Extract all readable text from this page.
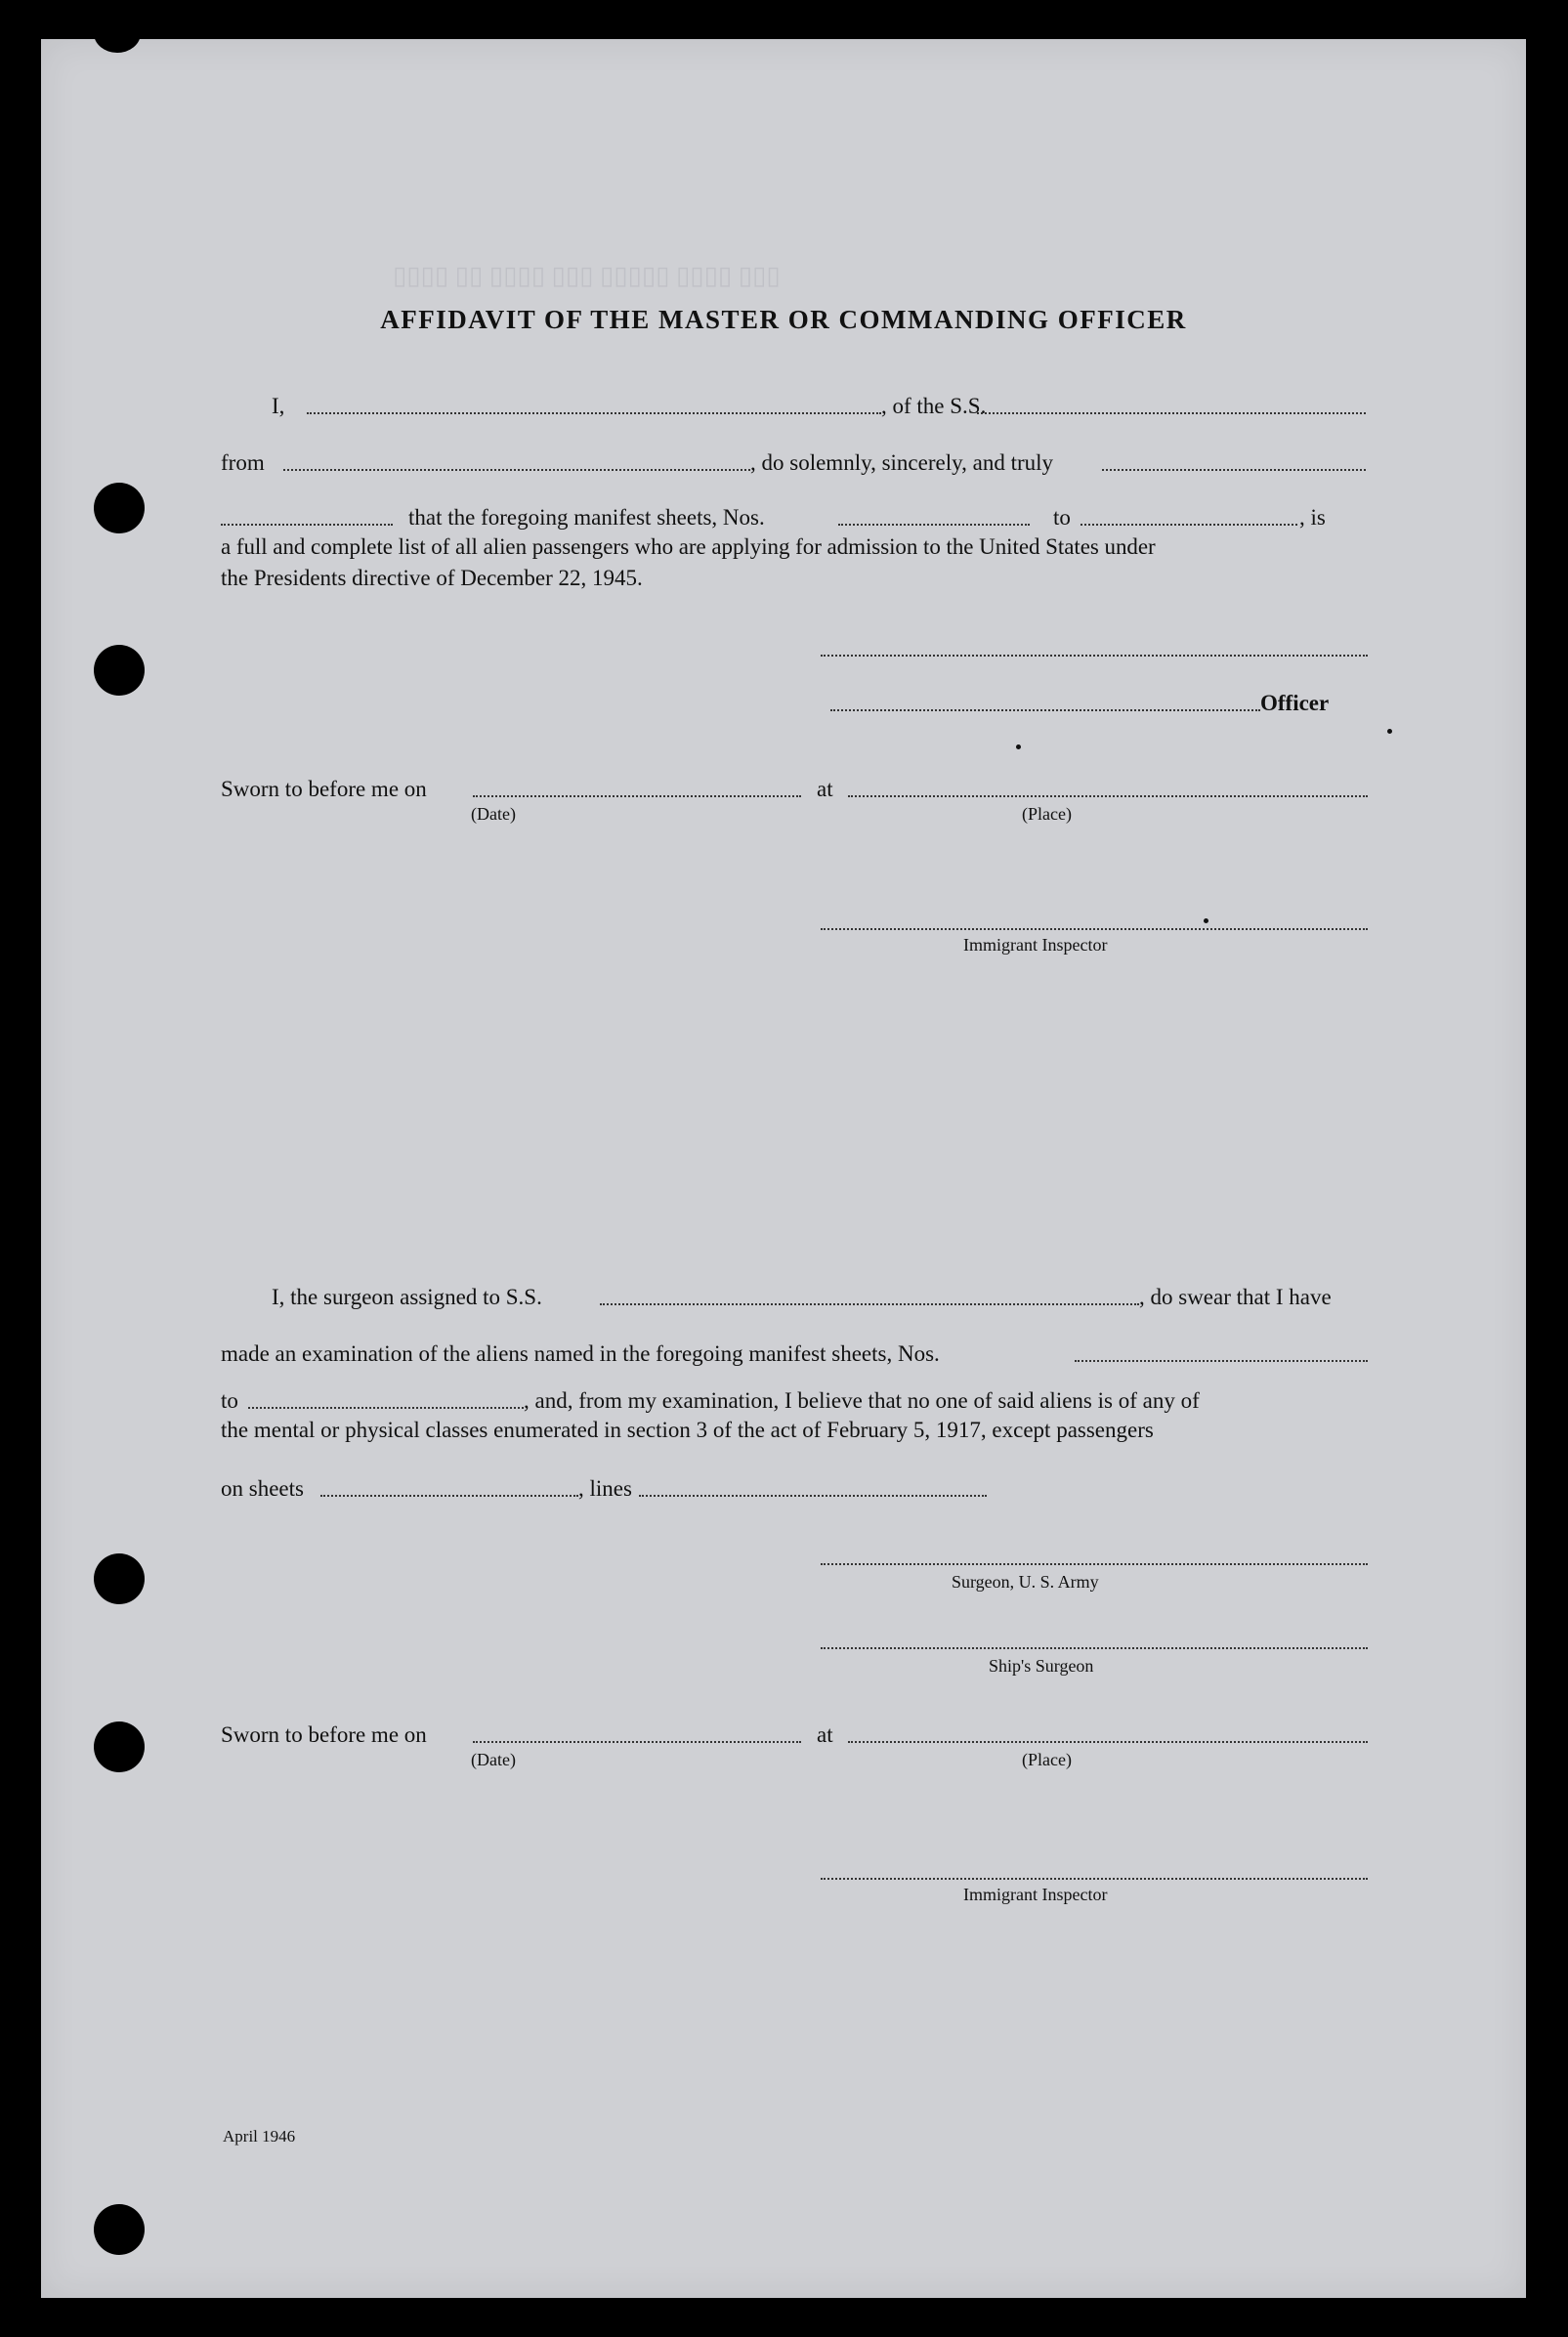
▯▯▯ ▯▯▯▯ ▯▯▯▯▯ ▯▯▯ ▯▯▯▯ ▯▯ ▯▯▯▯
AFFIDAVIT OF THE MASTER OR COMMANDING OFFICER
I,	, of the S.S.
from	, do solemnly, sincerely, and truly
that the foregoing manifest sheets, Nos.	to	, is
a full and complete list of all alien passengers who are applying for admission to the United States under
the Presidents directive of December 22, 1945.
Officer
Sworn to before me on	at
(Date)	(Place)
Immigrant Inspector
I, the surgeon assigned to S.S.	, do swear that I have
made an examination of the aliens named in the foregoing manifest sheets, Nos.
to	, and, from my examination, I believe that no one of said aliens is of any of
the mental or physical classes enumerated in section 3 of the act of February 5, 1917, except passengers
on sheets	, lines
Surgeon, U. S. Army
Ship's Surgeon
Sworn to before me on	at
(Date)	(Place)
Immigrant Inspector
April 1946
